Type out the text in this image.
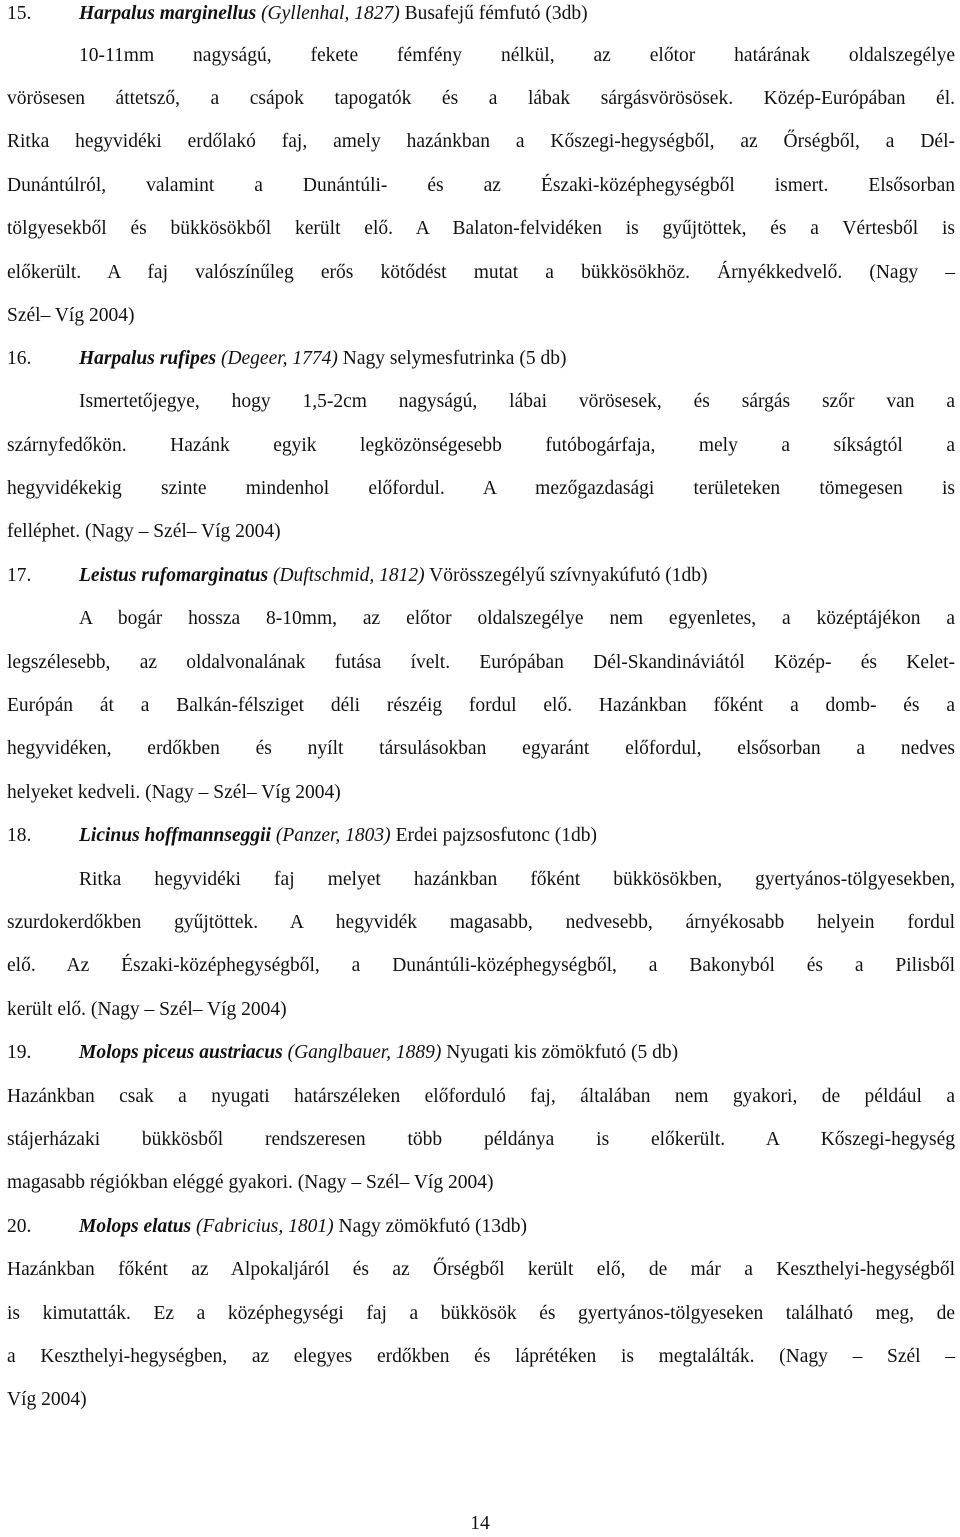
15. Harpalus marginellus (Gyllenhal, 1827) Busafejű fémfutó (3db)
10-11mm nagyságú, fekete fémfény nélkül, az előtor határának oldalszegélye
vörösesen áttetsző, a csápok tapogatók és a lábak sárgásvörösösek. Közép-Európában él.
Ritka hegyvidéki erdőlakó faj, amely hazánkban a Kőszegi-hegységből, az Őrségből, a Dél-
Dunántúlról, valamint a Dunántúli- és az Északi-középhegységből ismert. Elsősorban
tölgyesekből és bükkösökből került elő. A Balaton-felvidéken is gyűjtöttek, és a Vértesből is
előkerült. A faj valószínűleg erős kötődést mutat a bükkösökhöz. Árnyékkedvelő. (Nagy –
Szél– Víg 2004)
16. Harpalus rufipes (Degeer, 1774) Nagy selymesfutrinka (5 db)
Ismertetőjegye, hogy 1,5-2cm nagyságú, lábai vörösesek, és sárgás szőr van a
szárnyfedőkön. Hazánk egyik legközönségesebb futóbogárfaja, mely a síkságtól a
hegyvidékekig szinte mindenhol előfordul. A mezőgazdasági területeken tömegesen is
felléphet. (Nagy – Szél– Víg 2004)
17. Leistus rufomarginatus (Duftschmid, 1812) Vörösszegélyű szívnyakúfutó (1db)
A bogár hossza 8-10mm, az előtor oldalszegélye nem egyenletes, a középtájékon a
legszélesebb, az oldalvonalának futása ívelt. Európában Dél-Skandináviától Közép- és Kelet-
Európán át a Balkán-félsziget déli részéig fordul elő. Hazánkban főként a domb- és a
hegyvidéken, erdőkben és nyílt társulásokban egyaránt előfordul, elsősorban a nedves
helyeket kedveli. (Nagy – Szél– Víg 2004)
18. Licinus hoffmannseggii (Panzer, 1803) Erdei pajzsosfutonc (1db)
Ritka hegyvidéki faj melyet hazánkban főként bükkösökben, gyertyános-tölgyesekben,
szurdokerdőkben gyűjtöttek. A hegyvidék magasabb, nedvesebb, árnyékosabb helyein fordul
elő. Az Északi-középhegységből, a Dunántúli-középhegységből, a Bakonyból és a Pilisből
került elő. (Nagy – Szél– Víg 2004)
19. Molops piceus austriacus (Ganglbauer, 1889) Nyugati kis zömökfutó (5 db)
Hazánkban csak a nyugati határszéleken előforduló faj, általában nem gyakori, de például a
stájerházaki bükkösből rendszeresen több példánya is előkerült. A Kőszegi-hegység
magasabb régiókban eléggé gyakori. (Nagy – Szél– Víg 2004)
20. Molops elatus (Fabricius, 1801) Nagy zömökfutó (13db)
Hazánkban főként az Alpokaljáról és az Őrségből került elő, de már a Keszthelyi-hegységből
is kimutatták. Ez a középhegységi faj a bükkösök és gyertyános-tölgyeseken található meg, de
a Keszthelyi-hegységben, az elegyes erdőkben és láprétéken is megtalálták. (Nagy – Szél –
Víg 2004)
14
